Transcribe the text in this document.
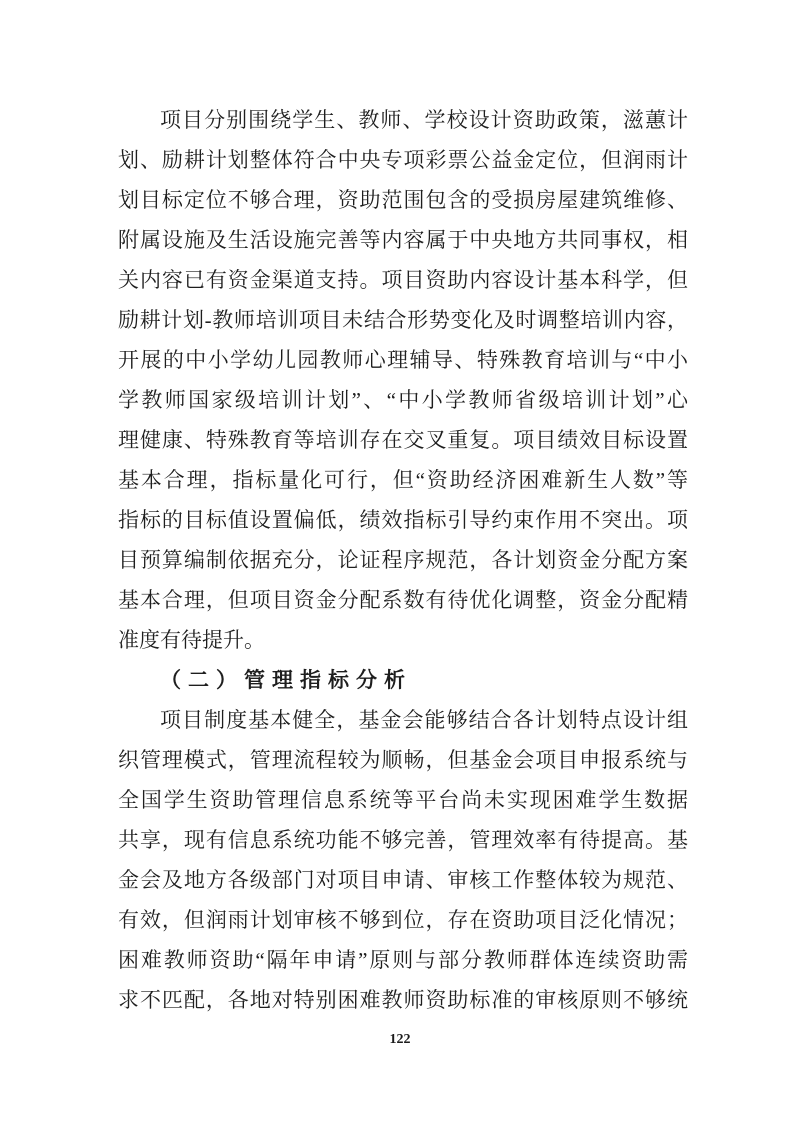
项目分别围绕学生、教师、学校设计资助政策，滋蕙计
划、励耕计划整体符合中央专项彩票公益金定位，但润雨计
划目标定位不够合理，资助范围包含的受损房屋建筑维修、
附属设施及生活设施完善等内容属于中央地方共同事权，相
关内容已有资金渠道支持。项目资助内容设计基本科学，但
励耕计划-教师培训项目未结合形势变化及时调整培训内容，
开展的中小学幼儿园教师心理辅导、特殊教育培训与“中小
学教师国家级培训计划”、“中小学教师省级培训计划”心
理健康、特殊教育等培训存在交叉重复。项目绩效目标设置
基本合理，指标量化可行，但“资助经济困难新生人数”等
指标的目标值设置偏低，绩效指标引导约束作用不突出。项
目预算编制依据充分，论证程序规范，各计划资金分配方案
基本合理，但项目资金分配系数有待优化调整，资金分配精
准度有待提升。
（二）管理指标分析
项目制度基本健全，基金会能够结合各计划特点设计组
织管理模式，管理流程较为顺畅，但基金会项目申报系统与
全国学生资助管理信息系统等平台尚未实现困难学生数据
共享，现有信息系统功能不够完善，管理效率有待提高。基
金会及地方各级部门对项目申请、审核工作整体较为规范、
有效，但润雨计划审核不够到位，存在资助项目泛化情况；
困难教师资助“隔年申请”原则与部分教师群体连续资助需
求不匹配，各地对特别困难教师资助标准的审核原则不够统
122
